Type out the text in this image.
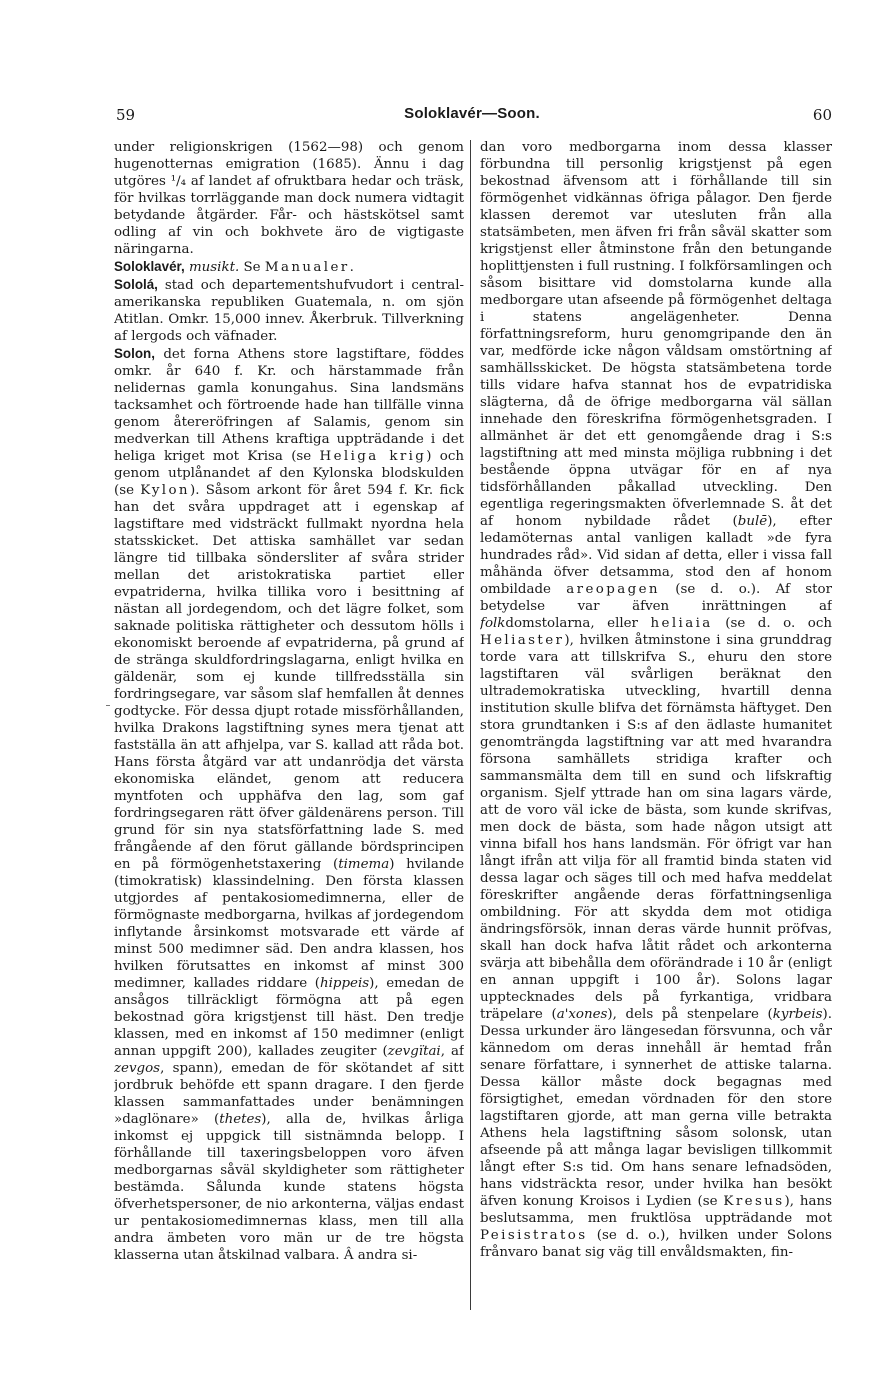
59	Soloklavér—Soon.	60

under religionskrigen (1562—98) och genom hugenotternas emigration (1685). Ännu i dag utgöres ¹/₄ af landet af ofruktbara hedar och träsk, för hvilkas torrläggande man dock numera vidtagit betydande åtgärder. Får- och hästskötsel samt odling af vin och bokhvete äro de vigtigaste näringarna.

Soloklavér, musikt. Se Manualer.

Sololá, stad och departementshufvudort i central-amerikanska republiken Guatemala, n. om sjön Atitlan. Omkr. 15,000 innev. Åkerbruk. Tillverkning af lergods och väfnader.

Solon, det forna Athens store lagstiftare, föddes omkr. år 640 f. Kr. och härstammade från nelidernas gamla konungahus. Sina landsmäns tacksamhet och förtroende hade han tillfälle vinna genom återeröfringen af Salamis, genom sin medverkan till Athens kraftiga uppträdande i det heliga kriget mot Krisa (se Heliga krig) och genom utplånandet af den Kylonska blodskulden (se Kylon). Såsom arkont för året 594 f. Kr. fick han det svåra uppdraget att i egenskap af lagstiftare med vidsträckt fullmakt nyordna hela statsskicket. Det attiska samhället var sedan längre tid tillbaka söndersliter af svåra strider mellan det aristokratiska partiet eller evpatriderna, hvilka tillika voro i besittning af nästan all jordegendom, och det lägre folket, som saknade politiska rättigheter och dessutom hölls i ekonomiskt beroende af evpatriderna, på grund af de stränga skuldfordringslagarna, enligt hvilka en gäldenär, som ej kunde tillfredsställa sin fordringsegare, var såsom slaf hemfallen åt dennes godtycke. För dessa djupt rotade missförhållanden, hvilka Drakons lagstiftning synes mera tjenat att fastställa än att afhjelpa, var S. kallad att råda bot. Hans första åtgärd var att undanrödja det värsta ekonomiska eländet, genom att reducera myntfoten och upphäfva den lag, som gaf fordringsegaren rätt öfver gäldenärens person. Till grund för sin nya statsförfattning lade S. med frångående af den förut gällande bördsprincipen en på förmögenhetstaxering (timema) hvilande (timokratisk) klassindelning. Den första klassen utgjordes af pentakosiomedimnerna, eller de förmögnaste medborgarna, hvilkas af jordegendom inflytande årsinkomst motsvarade ett värde af minst 500 medimner säd. Den andra klassen, hos hvilken förutsattes en inkomst af minst 300 medimner, kallades riddare (hippeis), emedan de ansågos tillräckligt förmögna att på egen bekostnad göra krigstjenst till häst. Den tredje klassen, med en inkomst af 150 medimner (enligt annan uppgift 200), kallades zeugiter (zevgïtai, af zevgos, spann), emedan de för skötandet af sitt jordbruk behöfde ett spann dragare. I den fjerde klassen sammanfattades under benämningen »daglönare» (thetes), alla de, hvilkas årliga inkomst ej uppgick till sistnämnda belopp. I förhållande till taxeringsbeloppen voro äfven medborgarnas såväl skyldigheter som rättigheter bestämda. Sålunda kunde statens högsta öfverhetspersoner, de nio arkonterna, väljas endast ur pentakosiomedimnernas klass, men till alla andra ämbeten voro män ur de tre högsta klasserna utan åtskilnad valbara. Â andra si-

dan voro medborgarna inom dessa klasser förbundna till personlig krigstjenst på egen bekostnad äfvensom att i förhållande till sin förmögenhet vidkännas öfriga pålagor. Den fjerde klassen deremot var utesluten från alla statsämbeten, men äfven fri från såväl skatter som krigstjenst eller åtminstone från den betungande hoplittjensten i full rustning. I folkförsamlingen och såsom bisittare vid domstolarna kunde alla medborgare utan afseende på förmögenhet deltaga i statens angelägenheter. Denna författningsreform, huru genomgripande den än var, medförde icke någon våldsam omstörtning af samhällsskicket. De högsta statsämbetena torde tills vidare hafva stannat hos de evpatridiska slägterna, då de öfrige medborgarna väl sällan innehade den föreskrifna förmögenhetsgraden. I allmänhet är det ett genomgående drag i S:s lagstiftning att med minsta möjliga rubbning i det bestående öppna utvägar för en af nya tidsförhållanden påkallad utveckling. Den egentliga regeringsmakten öfverlemnade S. åt det af honom nybildade rådet (bulē), efter ledamöternas antal vanligen kalladt »de fyra hundrades råd». Vid sidan af detta, eller i vissa fall måhända öfver detsamma, stod den af honom ombildade areopagen (se d. o.). Af stor betydelse var äfven inrättningen af folkdomstolarna, eller heliaia (se d. o. och Heliaster), hvilken åtminstone i sina grunddrag torde vara att tillskrifva S., ehuru den store lagstiftaren väl svårligen beräknat den ultrademokratiska utveckling, hvartill denna institution skulle blifva det förnämsta häftyget. Den stora grundtanken i S:s af den ädlaste humanitet genomträngda lagstiftning var att med hvarandra försona samhällets stridiga krafter och sammansmälta dem till en sund och lifskraftig organism. Sjelf yttrade han om sina lagars värde, att de voro väl icke de bästa, som kunde skrifvas, men dock de bästa, som hade någon utsigt att vinna bifall hos hans landsmän. För öfrigt var han långt ifrån att vilja för all framtid binda staten vid dessa lagar och säges till och med hafva meddelat föreskrifter angående deras författningsenliga ombildning. För att skydda dem mot otidiga ändringsförsök, innan deras värde hunnit pröfvas, skall han dock hafva låtit rådet och arkonterna svärja att bibehålla dem oförändrade i 10 år (enligt en annan uppgift i 100 år). Solons lagar upptecknades dels på fyrkantiga, vridbara träpelare (a'xones), dels på stenpelare (kyrbeis). Dessa urkunder äro längesedan försvunna, och vår kännedom om deras innehåll är hemtad från senare författare, i synnerhet de attiske talarna. Dessa källor måste dock begagnas med försigtighet, emedan vördnaden för den store lagstiftaren gjorde, att man gerna ville betrakta Athens hela lagstiftning såsom solonsk, utan afseende på att många lagar bevisligen tillkommit långt efter S:s tid. Om hans senare lefnadsöden, hans vidsträckta resor, under hvilka han besökt äfven konung Kroisos i Lydien (se Kresus), hans beslutsamma, men fruktlösa uppträdande mot Peisistratos (se d. o.), hvilken under Solons frånvaro banat sig väg till envåldsmakten, fin-
